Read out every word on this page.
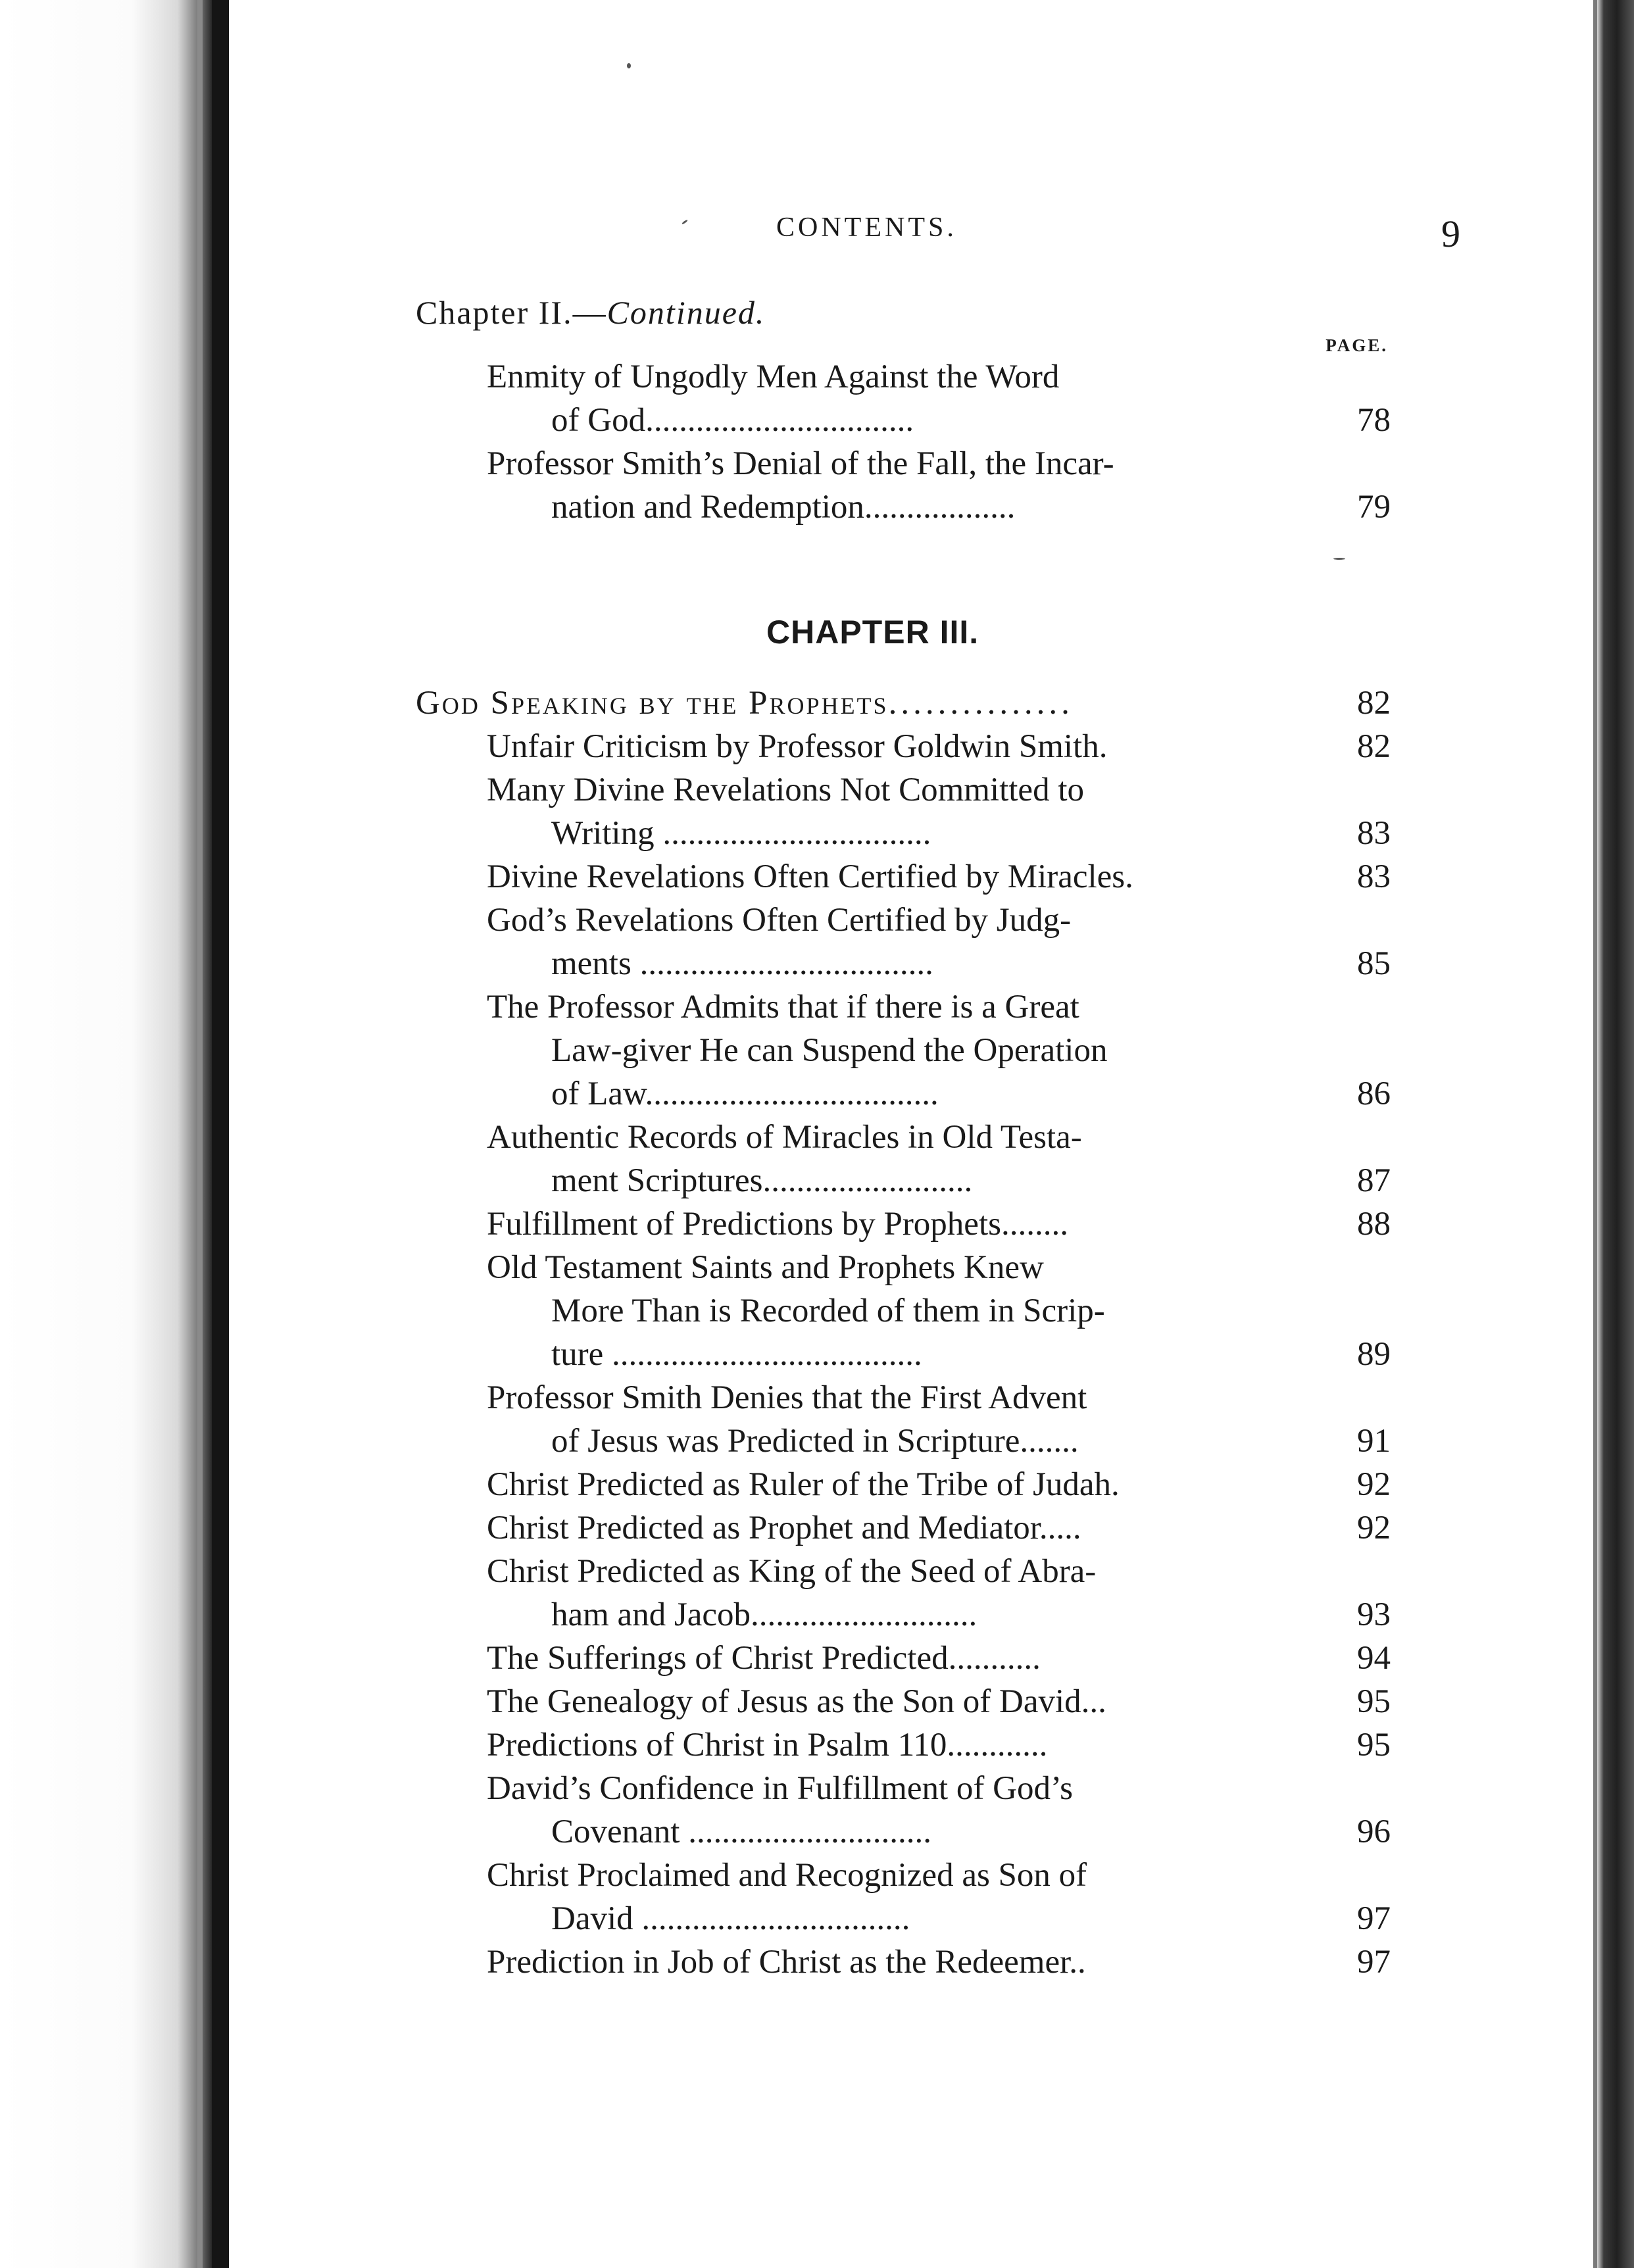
CONTENTS.	9
Chapter II.—Continued.
PAGE.
Enmity of Ungodly Men Against the Word
of God................................	78
Professor Smith’s Denial of the Fall, the Incar-
nation and Redemption..................	79
CHAPTER III.
God Speaking by the Prophets...............	82
Unfair Criticism by Professor Goldwin Smith.	82
Many Divine Revelations Not Committed to
Writing ................................	83
Divine Revelations Often Certified by Miracles.	83
God’s Revelations Often Certified by Judg-
ments ...................................	85
The Professor Admits that if there is a Great
Law-giver He can Suspend the Operation
of Law...................................	86
Authentic Records of Miracles in Old Testa-
ment Scriptures.........................	87
Fulfillment of Predictions by Prophets........	88
Old Testament Saints and Prophets Knew
More Than is Recorded of them in Scrip-
ture .....................................	89
Professor Smith Denies that the First Advent
of Jesus was Predicted in Scripture.......	91
Christ Predicted as Ruler of the Tribe of Judah.	92
Christ Predicted as Prophet and Mediator.....	92
Christ Predicted as King of the Seed of Abra-
ham and Jacob...........................	93
The Sufferings of Christ Predicted...........	94
The Genealogy of Jesus as the Son of David...	95
Predictions of Christ in Psalm 110............	95
David’s Confidence in Fulfillment of God’s
Covenant .............................	96
Christ Proclaimed and Recognized as Son of
David ................................	97
Prediction in Job of Christ as the Redeemer..	97
